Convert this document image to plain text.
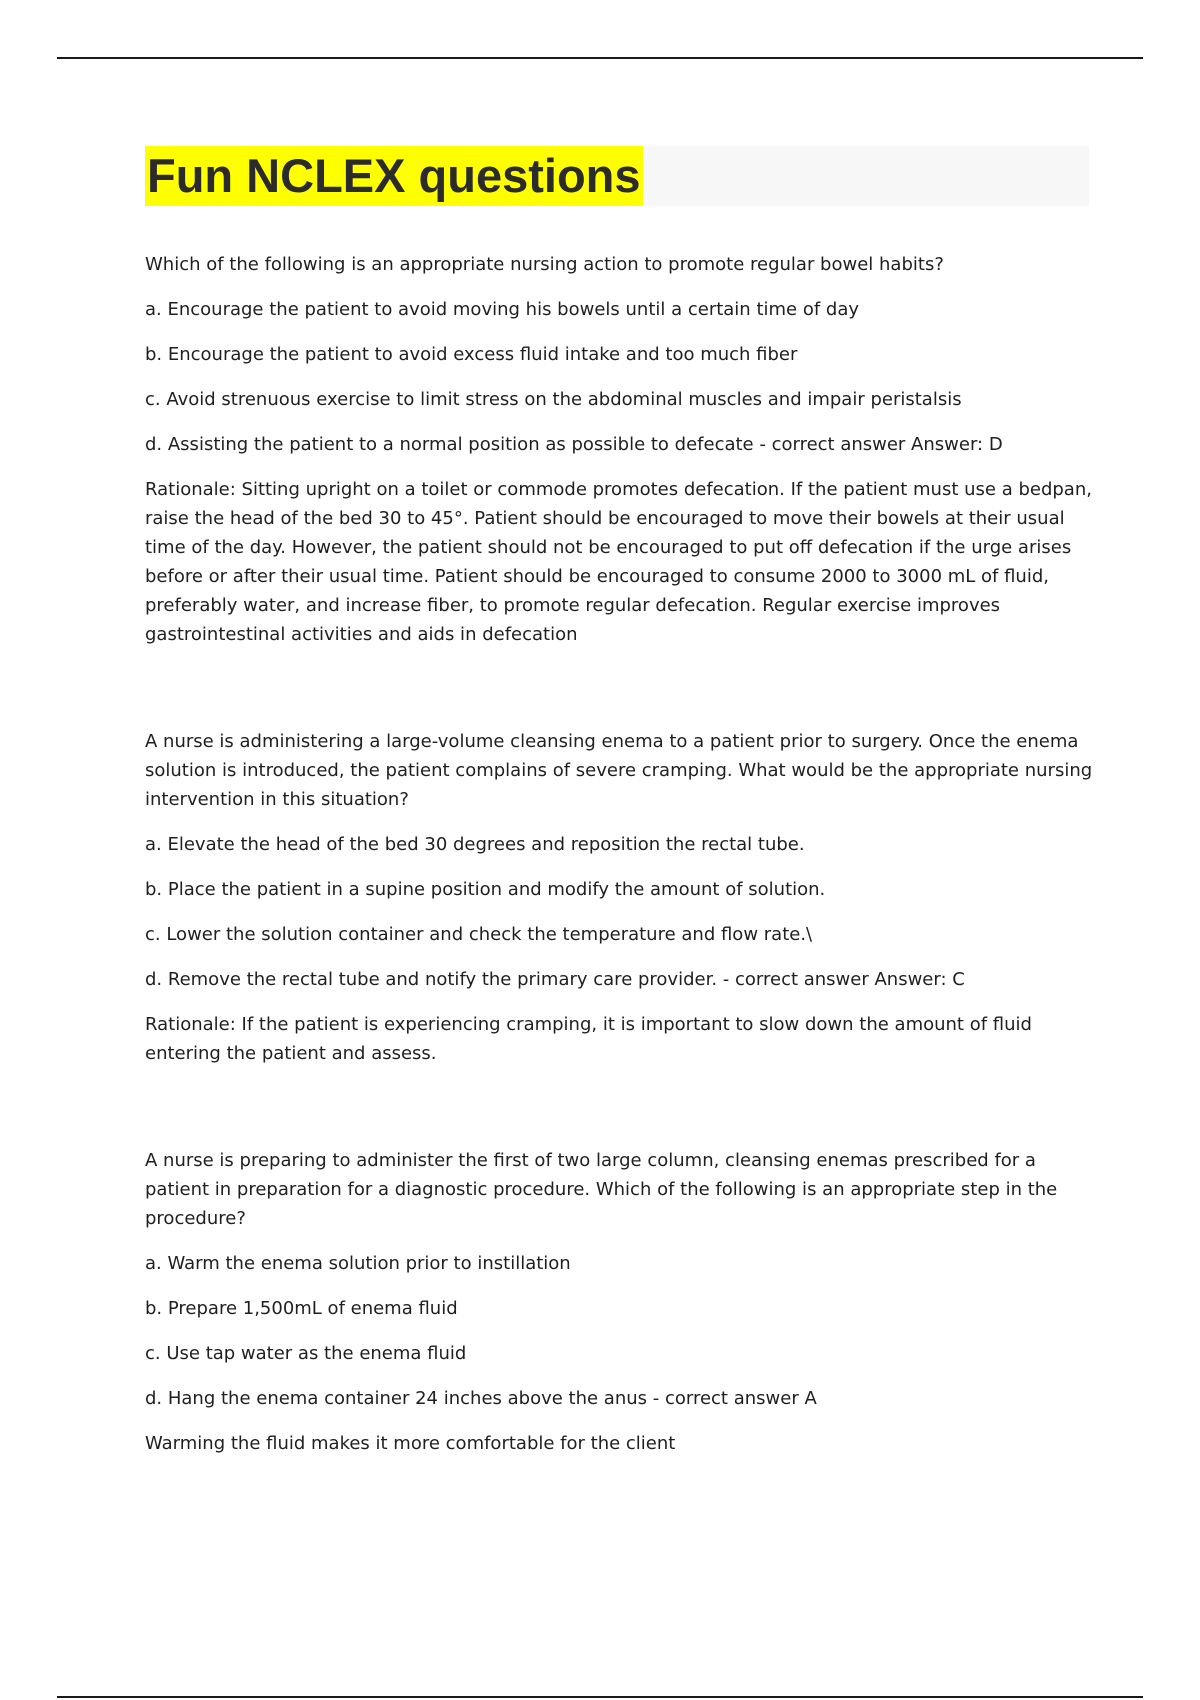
Fun NCLEX questions

Which of the following is an appropriate nursing action to promote regular bowel habits?

a. Encourage the patient to avoid moving his bowels until a certain time of day

b. Encourage the patient to avoid excess fluid intake and too much fiber

c. Avoid strenuous exercise to limit stress on the abdominal muscles and impair peristalsis

d. Assisting the patient to a normal position as possible to defecate - correct answer Answer: D

Rationale: Sitting upright on a toilet or commode promotes defecation. If the patient must use a bedpan, raise the head of the bed 30 to 45°. Patient should be encouraged to move their bowels at their usual time of the day. However, the patient should not be encouraged to put off defecation if the urge arises before or after their usual time. Patient should be encouraged to consume 2000 to 3000 mL of fluid, preferably water, and increase fiber, to promote regular defecation. Regular exercise improves gastrointestinal activities and aids in defecation

A nurse is administering a large-volume cleansing enema to a patient prior to surgery. Once the enema solution is introduced, the patient complains of severe cramping. What would be the appropriate nursing intervention in this situation?

a. Elevate the head of the bed 30 degrees and reposition the rectal tube.

b. Place the patient in a supine position and modify the amount of solution.

c. Lower the solution container and check the temperature and flow rate.\

d. Remove the rectal tube and notify the primary care provider. - correct answer Answer: C

Rationale: If the patient is experiencing cramping, it is important to slow down the amount of fluid entering the patient and assess.

A nurse is preparing to administer the first of two large column, cleansing enemas prescribed for a patient in preparation for a diagnostic procedure. Which of the following is an appropriate step in the procedure?

a. Warm the enema solution prior to instillation

b. Prepare 1,500mL of enema fluid

c. Use tap water as the enema fluid

d. Hang the enema container 24 inches above the anus - correct answer A

Warming the fluid makes it more comfortable for the client
